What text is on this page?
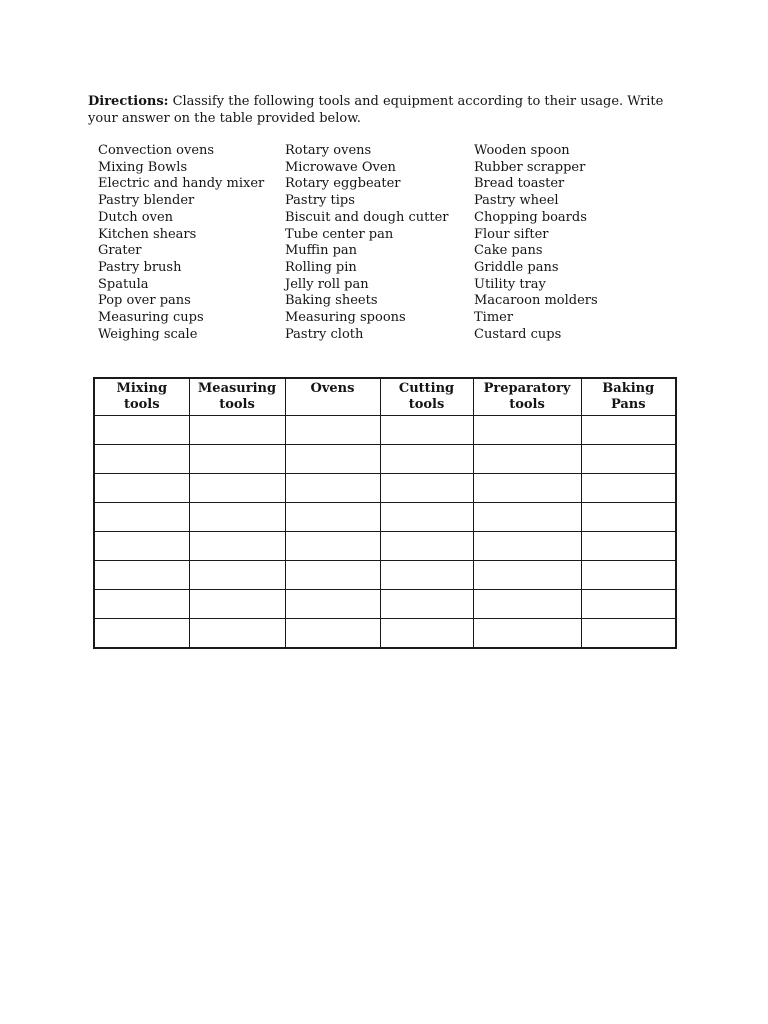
Directions: Classify the following tools and equipment according to their usage. Write your answer on the table provided below.

Convection ovens
Mixing Bowls
Electric and handy mixer
Pastry blender
Dutch oven
Kitchen shears
Grater
Pastry brush
Spatula
Pop over pans
Measuring cups
Weighing scale
Rotary ovens
Microwave Oven
Rotary eggbeater
Pastry tips
Biscuit and dough cutter
Tube center pan
Muffin pan
Rolling pin
Jelly roll pan
Baking sheets
Measuring spoons
Pastry cloth
Wooden spoon
Rubber scrapper
Bread toaster
Pastry wheel
Chopping boards
Flour sifter
Cake pans
Griddle pans
Utility tray
Macaroon molders
Timer
Custard cups
Mixing tools	Measuring tools	Ovens	Cutting tools	Preparatory tools	Baking Pans
